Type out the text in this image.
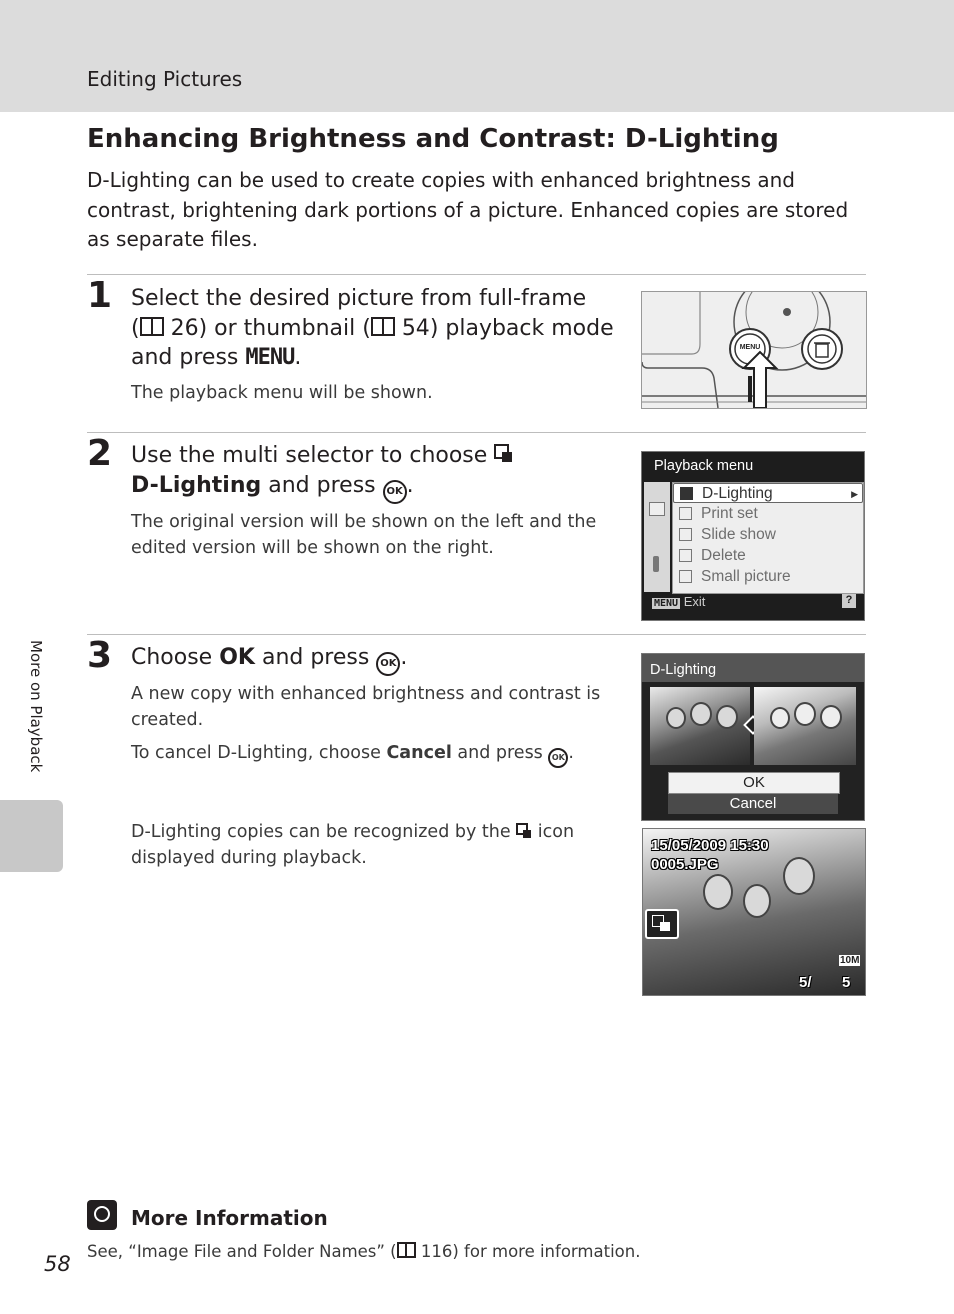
Editing Pictures
More on Playback
Enhancing Brightness and Contrast: D-Lighting

D-Lighting can be used to create copies with enhanced brightness and contrast, brightening dark portions of a picture. Enhanced copies are stored as separate files.

1 Select the desired picture from full-frame
( 26) or thumbnail ( 54) playback mode
and press MENU.

The playback menu will be shown.

MENU
2 Use the multi selector to choose
D-Lighting and press OK .

The original version will be shown on the left and the edited version will be shown on the right.

Playback menu
D-Lighting	▶
Print set
Slide show
Delete
Small picture
MENU Exit	?
3 Choose OK and press OK .

A new copy with enhanced brightness and contrast is created.

To cancel D-Lighting, choose Cancel and press OK .

D-Lighting copies can be recognized by the  icon displayed during playback.

D-Lighting
OK
Cancel
15/05/2009 15:30
0005.JPG
10M
5/ 5
More Information
See, “Image File and Folder Names” ( 116) for more information.
58
